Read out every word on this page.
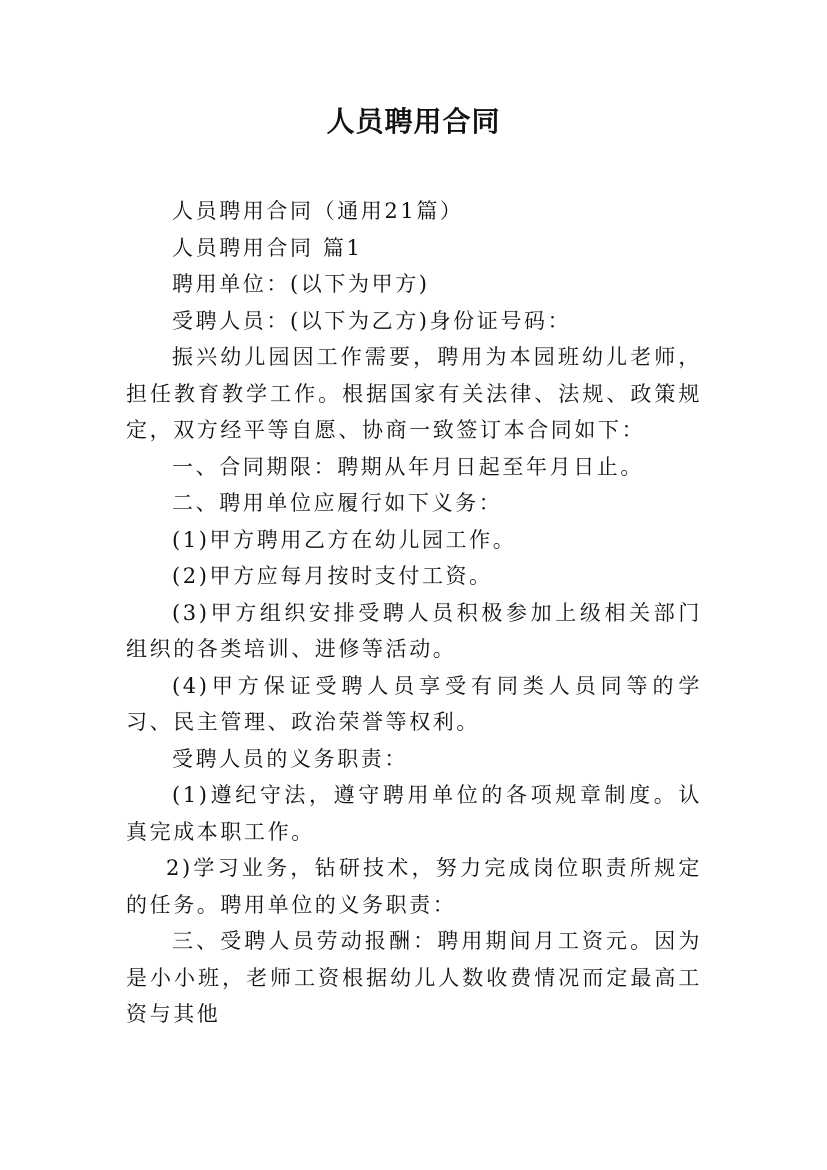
人员聘用合同

人员聘用合同（通用21篇）

人员聘用合同 篇1

聘用单位：(以下为甲方)

受聘人员：(以下为乙方)身份证号码：

振兴幼儿园因工作需要，聘用为本园班幼儿老师，担任教育教学工作。根据国家有关法律、法规、政策规定，双方经平等自愿、协商一致签订本合同如下：

一、合同期限：聘期从年月日起至年月日止。

二、聘用单位应履行如下义务：

(1)甲方聘用乙方在幼儿园工作。

(2)甲方应每月按时支付工资。

(3)甲方组织安排受聘人员积极参加上级相关部门组织的各类培训、进修等活动。

(4)甲方保证受聘人员享受有同类人员同等的学习、民主管理、政治荣誉等权利。

受聘人员的义务职责：

(1)遵纪守法，遵守聘用单位的各项规章制度。认真完成本职工作。

2)学习业务，钻研技术，努力完成岗位职责所规定的任务。聘用单位的义务职责：

三、受聘人员劳动报酬：聘用期间月工资元。因为是小小班，老师工资根据幼儿人数收费情况而定最高工资与其他
